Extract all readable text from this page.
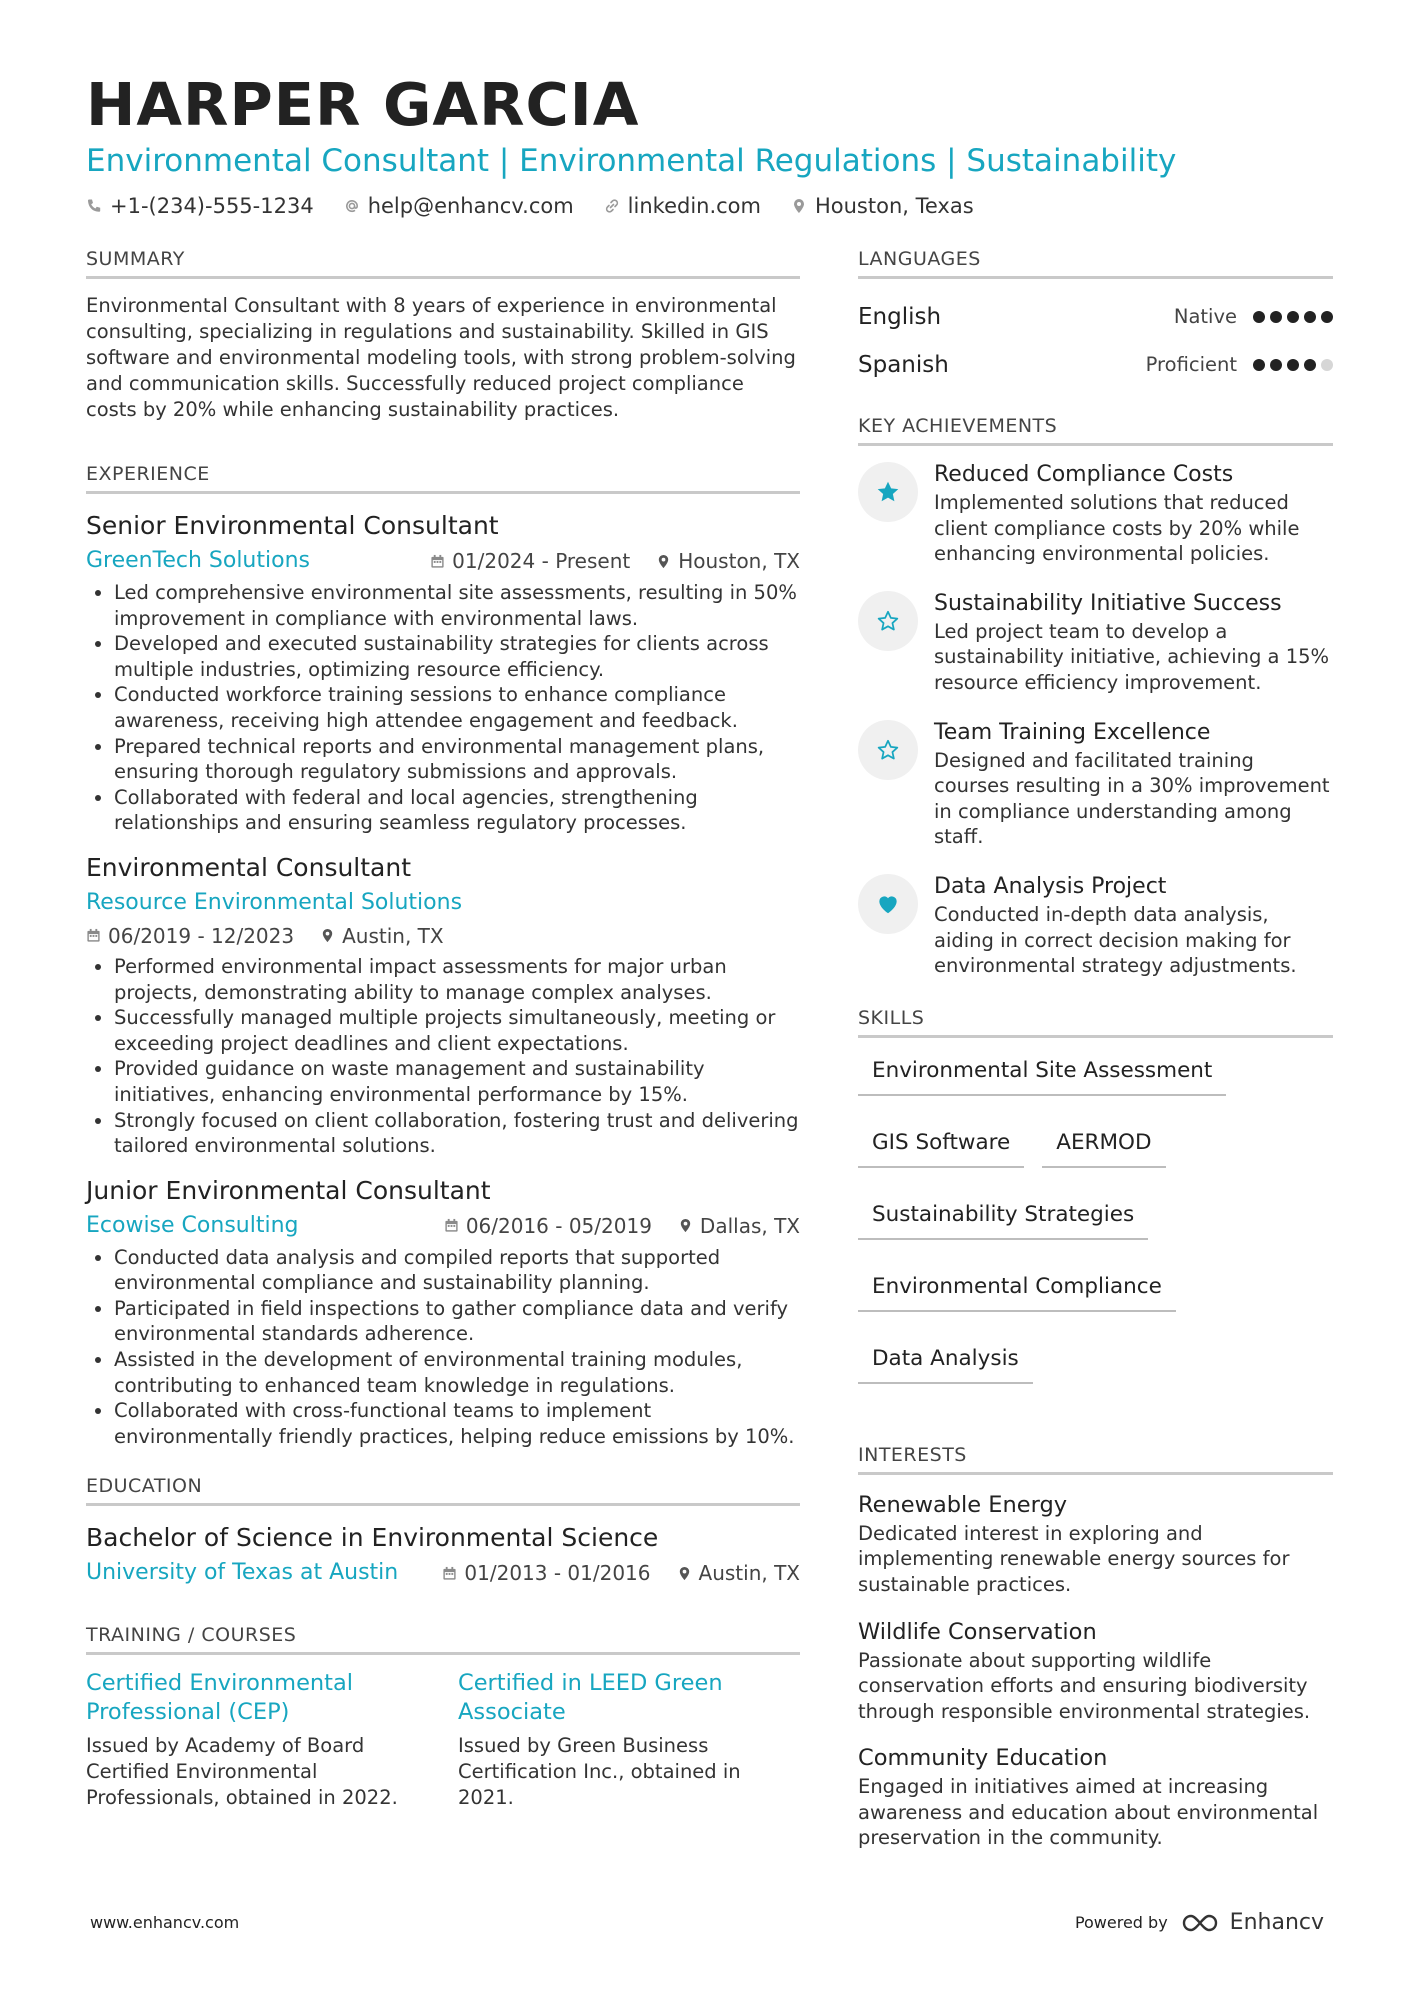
HARPER GARCIA
Environmental Consultant | Environmental Regulations | Sustainability
+1-(234)-555-1234	help@enhancv.com	linkedin.com	Houston, Texas
SUMMARY

Environmental Consultant with 8 years of experience in environmental consulting, specializing in regulations and sustainability. Skilled in GIS software and environmental modeling tools, with strong problem-solving and communication skills. Successfully reduced project compliance costs by 20% while enhancing sustainability practices.

EXPERIENCE
Senior Environmental Consultant
GreenTech Solutions	01/2024 - Present Houston, TX
• Led comprehensive environmental site assessments, resulting in 50% improvement in compliance with environmental laws.
• Developed and executed sustainability strategies for clients across multiple industries, optimizing resource efficiency.
• Conducted workforce training sessions to enhance compliance awareness, receiving high attendee engagement and feedback.
• Prepared technical reports and environmental management plans, ensuring thorough regulatory submissions and approvals.
• Collaborated with federal and local agencies, strengthening relationships and ensuring seamless regulatory processes.
Environmental Consultant
Resource Environmental Solutions
06/2019 - 12/2023 Austin, TX
• Performed environmental impact assessments for major urban projects, demonstrating ability to manage complex analyses.
• Successfully managed multiple projects simultaneously, meeting or exceeding project deadlines and client expectations.
• Provided guidance on waste management and sustainability initiatives, enhancing environmental performance by 15%.
• Strongly focused on client collaboration, fostering trust and delivering tailored environmental solutions.
Junior Environmental Consultant
Ecowise Consulting	06/2016 - 05/2019 Dallas, TX
• Conducted data analysis and compiled reports that supported environmental compliance and sustainability planning.
• Participated in field inspections to gather compliance data and verify environmental standards adherence.
• Assisted in the development of environmental training modules, contributing to enhanced team knowledge in regulations.
• Collaborated with cross-functional teams to implement environmentally friendly practices, helping reduce emissions by 10%.
EDUCATION
Bachelor of Science in Environmental Science
University of Texas at Austin	01/2013 - 01/2016 Austin, TX
TRAINING / COURSES
Certified Environmental Professional (CEP)
Issued by Academy of Board Certified Environmental Professionals, obtained in 2022.
Certified in LEED Green Associate
Issued by Green Business Certification Inc., obtained in 2021.
LANGUAGES
English	Native
Spanish	Proficient
KEY ACHIEVEMENTS
Reduced Compliance Costs
Implemented solutions that reduced client compliance costs by 20% while enhancing environmental policies.
Sustainability Initiative Success
Led project team to develop a sustainability initiative, achieving a 15% resource efficiency improvement.
Team Training Excellence
Designed and facilitated training courses resulting in a 30% improvement in compliance understanding among staff.
Data Analysis Project
Conducted in-depth data analysis, aiding in correct decision making for environmental strategy adjustments.
SKILLS
Environmental Site Assessment
GIS Software	AERMOD
Sustainability Strategies
Environmental Compliance
Data Analysis
INTERESTS
Renewable Energy
Dedicated interest in exploring and implementing renewable energy sources for sustainable practices.
Wildlife Conservation
Passionate about supporting wildlife conservation efforts and ensuring biodiversity through responsible environmental strategies.
Community Education
Engaged in initiatives aimed at increasing awareness and education about environmental preservation in the community.
www.enhancv.com	Powered by	Enhancv
